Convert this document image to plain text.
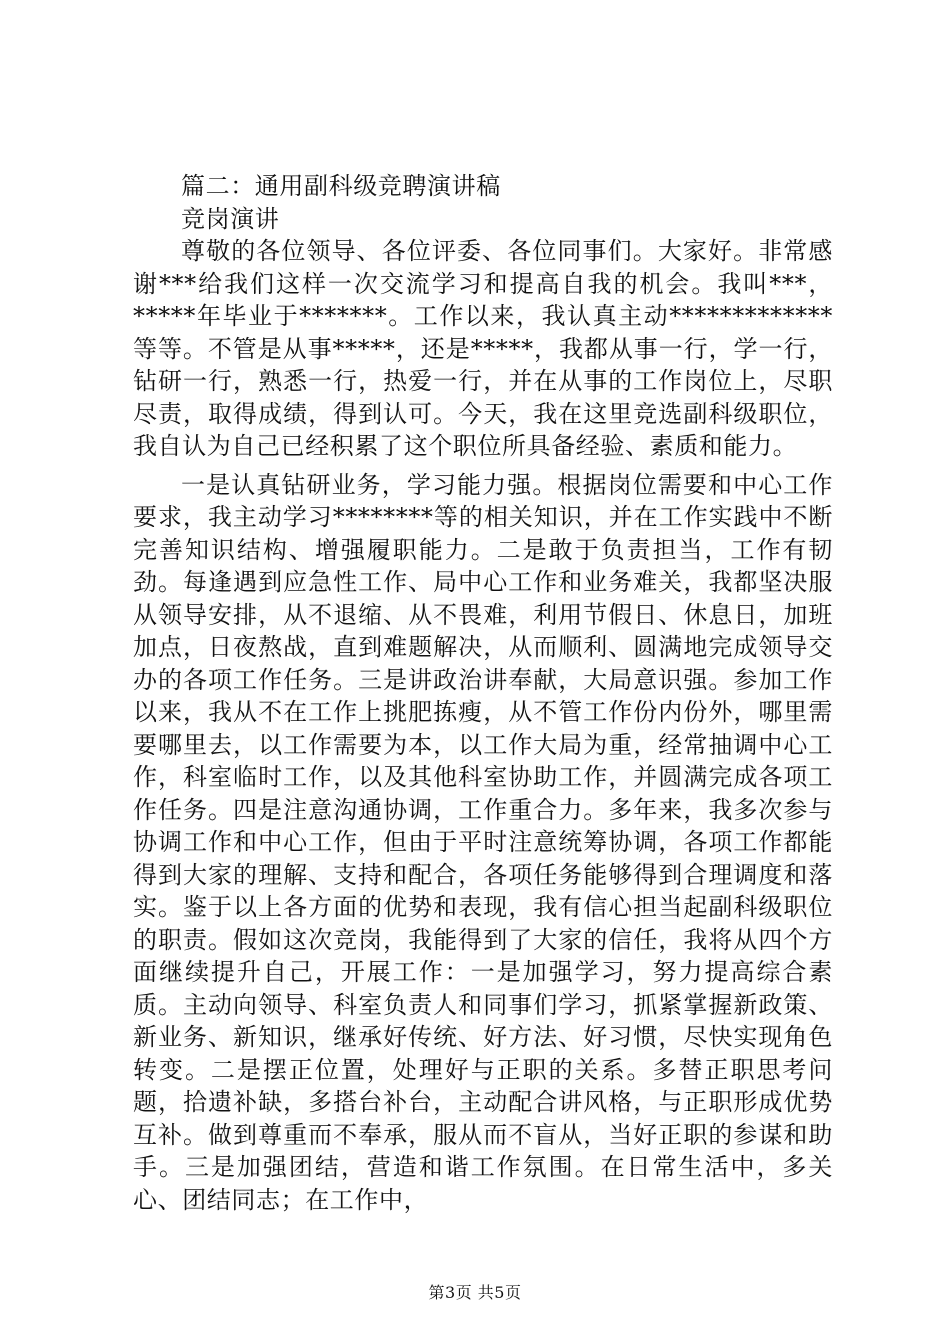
篇二：通用副科级竞聘演讲稿

竞岗演讲

尊敬的各位领导、各位评委、各位同事们。大家好。非常感谢***给我们这样一次交流学习和提高自我的机会。我叫***，*****年毕业于*******。工作以来，我认真主动*************等等。不管是从事*****，还是*****，我都从事一行，学一行，钻研一行，熟悉一行，热爱一行，并在从事的工作岗位上，尽职尽责，取得成绩，得到认可。今天，我在这里竞选副科级职位，我自认为自己已经积累了这个职位所具备经验、素质和能力。

一是认真钻研业务，学习能力强。根据岗位需要和中心工作要求，我主动学习********等的相关知识，并在工作实践中不断完善知识结构、增强履职能力。二是敢于负责担当，工作有韧劲。每逢遇到应急性工作、局中心工作和业务难关，我都坚决服从领导安排，从不退缩、从不畏难，利用节假日、休息日，加班加点，日夜熬战，直到难题解决，从而顺利、圆满地完成领导交办的各项工作任务。三是讲政治讲奉献，大局意识强。参加工作以来，我从不在工作上挑肥拣瘦，从不管工作份内份外，哪里需要哪里去，以工作需要为本，以工作大局为重，经常抽调中心工作，科室临时工作，以及其他科室协助工作，并圆满完成各项工作任务。四是注意沟通协调，工作重合力。多年来，我多次参与协调工作和中心工作，但由于平时注意统筹协调，各项工作都能得到大家的理解、支持和配合，各项任务能够得到合理调度和落实。鉴于以上各方面的优势和表现，我有信心担当起副科级职位的职责。假如这次竞岗，我能得到了大家的信任，我将从四个方面继续提升自己，开展工作：一是加强学习，努力提高综合素质。主动向领导、科室负责人和同事们学习，抓紧掌握新政策、新业务、新知识，继承好传统、好方法、好习惯，尽快实现角色转变。二是摆正位置，处理好与正职的关系。多替正职思考问题，拾遗补缺，多搭台补台，主动配合讲风格，与正职形成优势互补。做到尊重而不奉承，服从而不盲从，当好正职的参谋和助手。三是加强团结，营造和谐工作氛围。在日常生活中，多关心、团结同志；在工作中，

第3页 共5页
